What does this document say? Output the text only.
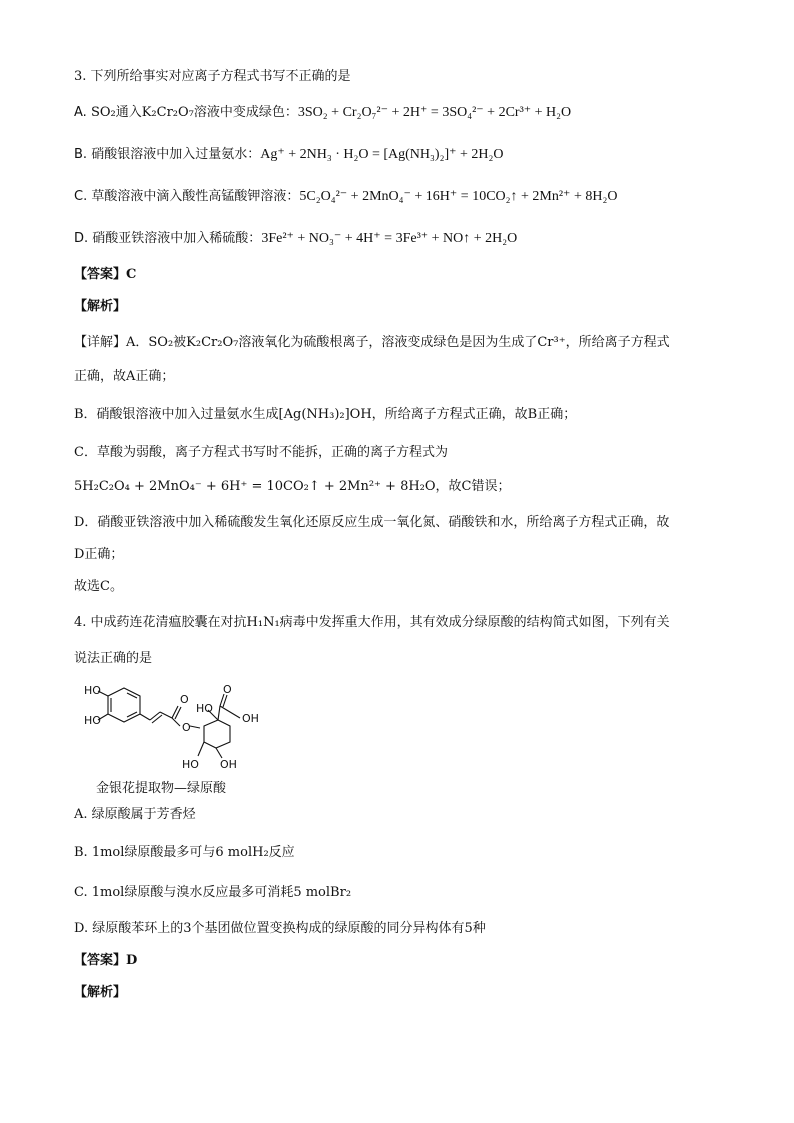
3. 下列所给事实对应离子方程式书写不正确的是
A. SO₂通入K₂Cr₂O₇溶液中变成绿色：3SO₂ + Cr₂O₇²⁻ + 2H⁺ = 3SO₄²⁻ + 2Cr³⁺ + H₂O
B. 硝酸银溶液中加入过量氨水：Ag⁺ + 2NH₃ · H₂O = [Ag(NH₃)₂]⁺ + 2H₂O
C. 草酸溶液中滴入酸性高锰酸钾溶液：5C₂O₄²⁻ + 2MnO₄⁻ + 16H⁺ = 10CO₂↑ + 2Mn²⁺ + 8H₂O
D. 硝酸亚铁溶液中加入稀硫酸：3Fe²⁺ + NO₃⁻ + 4H⁺ = 3Fe³⁺ + NO↑ + 2H₂O
【答案】C
【解析】
【详解】A．SO₂被K₂Cr₂O₇溶液氧化为硫酸根离子，溶液变成绿色是因为生成了Cr³⁺，所给离子方程式
正确，故A正确；
B．硝酸银溶液中加入过量氨水生成[Ag(NH₃)₂]OH，所给离子方程式正确，故B正确；
C．草酸为弱酸，离子方程式书写时不能拆，正确的离子方程式为
5H₂C₂O₄ + 2MnO₄⁻ + 6H⁺ = 10CO₂↑ + 2Mn²⁺ + 8H₂O，故C错误；
D．硝酸亚铁溶液中加入稀硫酸发生氧化还原反应生成一氧化氮、硝酸铁和水，所给离子方程式正确，故
D正确；
故选C。
4. 中成药连花清瘟胶囊在对抗H₁N₁病毒中发挥重大作用，其有效成分绿原酸的结构简式如图，下列有关
说法正确的是
HO
HO
O
O
HO
O
OH
HO OH
金银花提取物—绿原酸
A. 绿原酸属于芳香烃
B. 1mol绿原酸最多可与6 molH₂反应
C. 1mol绿原酸与溴水反应最多可消耗5 molBr₂
D. 绿原酸苯环上的3个基团做位置变换构成的绿原酸的同分异构体有5种
【答案】D
【解析】
